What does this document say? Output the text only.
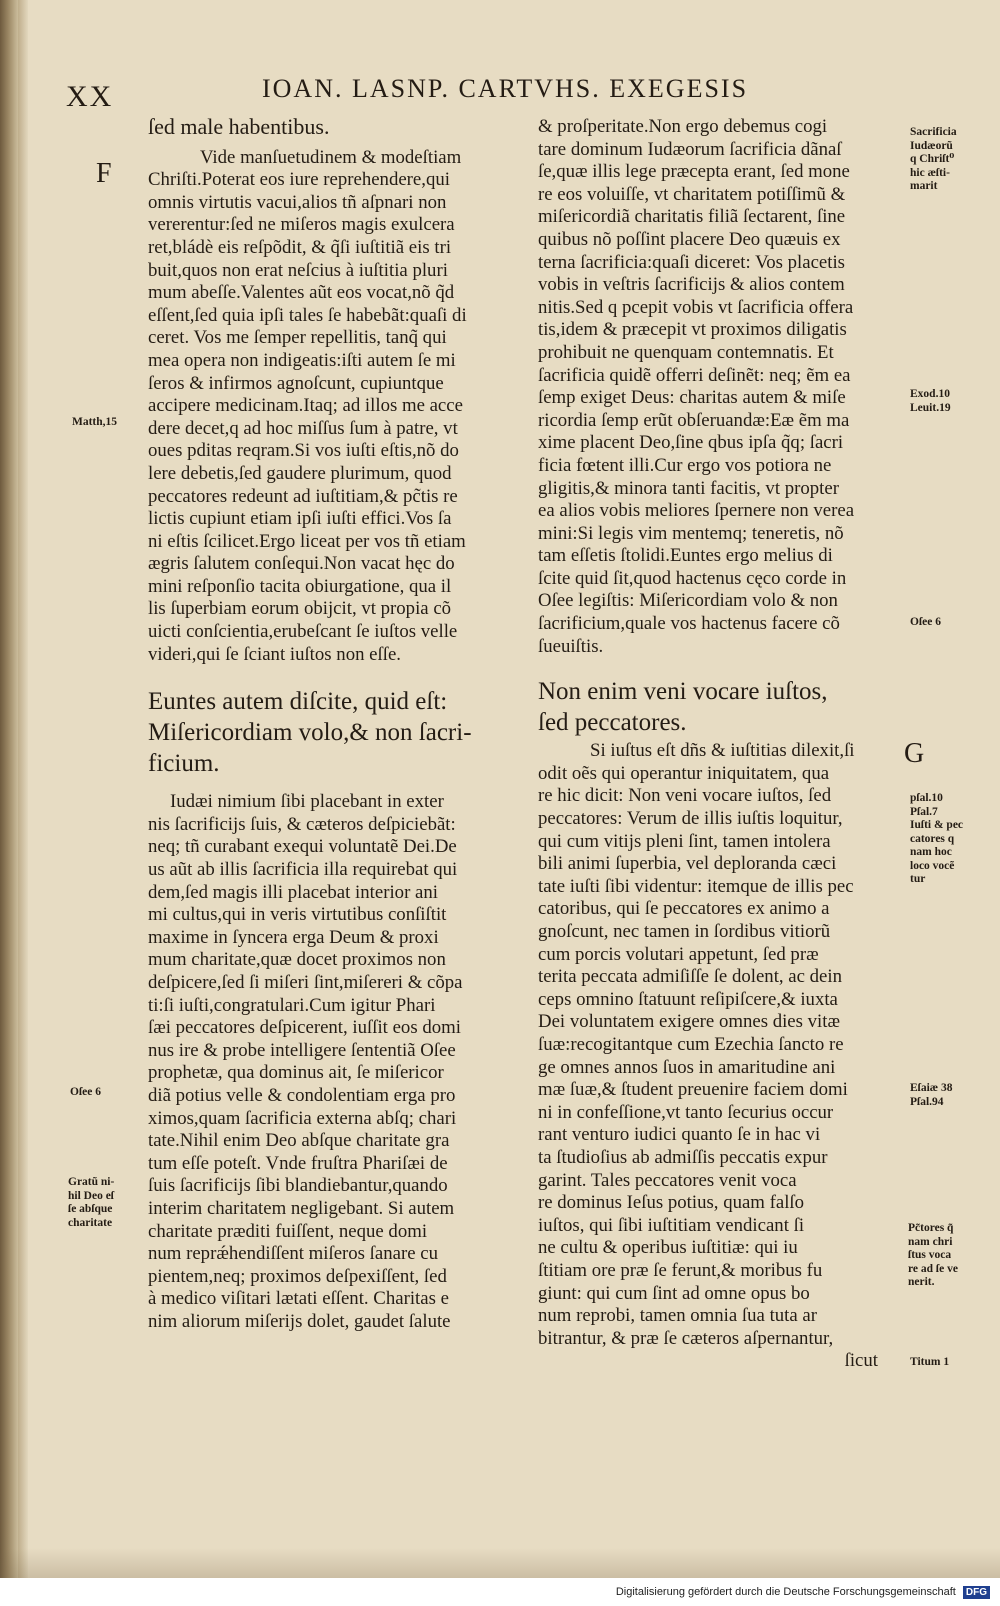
XX	IOAN. LASNP. CARTVHS. EXEGESIS
F
G
ſed male habentibus.
Vide manſuetudinem & modeſtiam
Chriſti.Poterat eos iure reprehendere,qui
omnis virtutis vacui,alios tñ aſpnari non
vererentur:ſed ne miſeros magis exulcera
ret,bládè eis reſpõdit, & q̃ſi iuſtitiã eis tri
buit,quos non erat neſcius à iuſtitia pluri
mum abeſſe.Valentes aũt eos vocat,nõ q̃d
eſſent,ſed quia ipſi tales ſe habebãt:quaſi di
ceret. Vos me ſemper repellitis, tanq̃ qui
mea opera non indigeatis:iſti autem ſe mi
ſeros & infirmos agnoſcunt, cupiuntque
accipere medicinam.Itaq; ad illos me acce
dere decet,q ad hoc miſſus ſum à patre, vt
oues pditas reqram.Si vos iuſti eſtis,nõ do
lere debetis,ſed gaudere plurimum, quod
peccatores redeunt ad iuſtitiam,& pc̃tis re
lictis cupiunt etiam ipſi iuſti effici.Vos ſa
ni eſtis ſcilicet.Ergo liceat per vos tñ etiam
ægris ſalutem conſequi.Non vacat hęc do
mini reſponſio tacita obiurgatione, qua il
lis ſuperbiam eorum obijcit, vt propia cõ
uicti conſcientia,erubeſcant ſe iuſtos velle
videri,qui ſe ſciant iuſtos non eſſe.
Euntes autem diſcite, quid eſt:
Miſericordiam volo,& non ſacri-
ficium.
Iudæi nimium ſibi placebant in exter
nis ſacrificijs ſuis, & cæteros deſpiciebãt:
neq; tñ curabant exequi voluntatẽ Dei.De
us aũt ab illis ſacrificia illa requirebat qui
dem,ſed magis illi placebat interior ani
mi cultus,qui in veris virtutibus conſiſtit
maxime in ſyncera erga Deum & proxi
mum charitate,quæ docet proximos non
deſpicere,ſed ſi miſeri ſint,miſereri & cõpa
ti:ſi iuſti,congratulari.Cum igitur Phari
ſæi peccatores deſpicerent, iuſſit eos domi
nus ire & probe intelligere ſententiã Oſee
prophetæ, qua dominus ait, ſe miſericor
diã potius velle & condolentiam erga pro
ximos,quam ſacrificia externa abſq; chari
tate.Nihil enim Deo abſque charitate gra
tum eſſe poteſt. Vnde fruſtra Phariſæi de
ſuis ſacrificijs ſibi blandiebantur,quando
interim charitatem negligebant. Si autem
charitate præditi fuiſſent, neque domi
num reprǽhendiſſent miſeros ſanare cu
pientem,neq; proximos deſpexiſſent, ſed
à medico viſitari lætati eſſent. Charitas e
nim aliorum miſerijs dolet, gaudet ſalute
& proſperitate.Non ergo debemus cogi
tare dominum Iudæorum ſacrificia dãnaſ
ſe,quæ illis lege præcepta erant, ſed mone
re eos voluiſſe, vt charitatem potiſſimũ &
miſericordiã charitatis filiã ſectarent, ſine
quibus nõ poſſint placere Deo quæuis ex
terna ſacrificia:quaſi diceret: Vos placetis
vobis in veſtris ſacrificijs & alios contem
nitis.Sed q pcepit vobis vt ſacrificia offera
tis,idem & præcepit vt proximos diligatis
prohibuit ne quenquam contemnatis. Et
ſacrificia quidẽ offerri deſinẽt: neq; ẽm ea
ſemp exiget Deus: charitas autem & miſe
ricordia ſemp erũt obſeruandæ:Eæ ẽm ma
xime placent Deo,ſine qbus ipſa q̃q; ſacri
ficia fœtent illi.Cur ergo vos potiora ne
gligitis,& minora tanti facitis, vt propter
ea alios vobis meliores ſpernere non verea
mini:Si legis vim mentemq; teneretis, nõ
tam eſſetis ſtolidi.Euntes ergo melius di
ſcite quid ſit,quod hactenus cęco corde in
Oſee legiſtis: Miſericordiam volo & non
ſacrificium,quale vos hactenus facere cõ
ſueuiſtis.
Non enim veni vocare iuſtos,
ſed peccatores.
Si iuſtus eſt dñs & iuſtitias dilexit,ſi
odit oẽs qui operantur iniquitatem, qua
re hic dicit: Non veni vocare iuſtos, ſed
peccatores: Verum de illis iuſtis loquitur,
qui cum vitijs pleni ſint, tamen intolera
bili animi ſuperbia, vel deploranda cæci
tate iuſti ſibi videntur: itemque de illis pec
catoribus, qui ſe peccatores ex animo a
gnoſcunt, nec tamen in ſordibus vitiorũ
cum porcis volutari appetunt, ſed præ
terita peccata admiſiſſe ſe dolent, ac dein
ceps omnino ſtatuunt reſipiſcere,& iuxta
Dei voluntatem exigere omnes dies vitæ
ſuæ:recogitantque cum Ezechia ſancto re
ge omnes annos ſuos in amaritudine ani
mæ ſuæ,& ſtudent preuenire faciem domi
ni in confeſſione,vt tanto ſecurius occur
rant venturo iudici quanto ſe in hac vi
ta ſtudioſius ab admiſſis peccatis expur
garint. Tales peccatores venit voca
re dominus Ieſus potius, quam falſo
iuſtos, qui ſibi iuſtitiam vendicant ſi
ne cultu & operibus iuſtitiæ: qui iu
ſtitiam ore præ ſe ferunt,& moribus fu
giunt: qui cum ſint ad omne opus bo
num reprobi, tamen omnia ſua tuta ar
bitrantur, & præ ſe cæteros aſpernantur,
ſicut
Matth,15
Oſee 6
Gratũ ni-
hil Deo eſ
ſe abſque
charitate
Sacrificia
Iudæorũ
q Chriſt⁰
hic æſti-
marit
Exod.10
Leuit.19
Oſee 6
pſal.10
Pſal.7
Iuſti & pec
catores q
nam hoc
loco vocẽ
tur
Eſaiæ 38
Pſal.94
Pc̃tores q̃
nam chri
ſtus voca
re ad ſe ve
nerit.
Titum 1
Digitalisierung gefördert durch die Deutsche Forschungsgemeinschaft DFG
